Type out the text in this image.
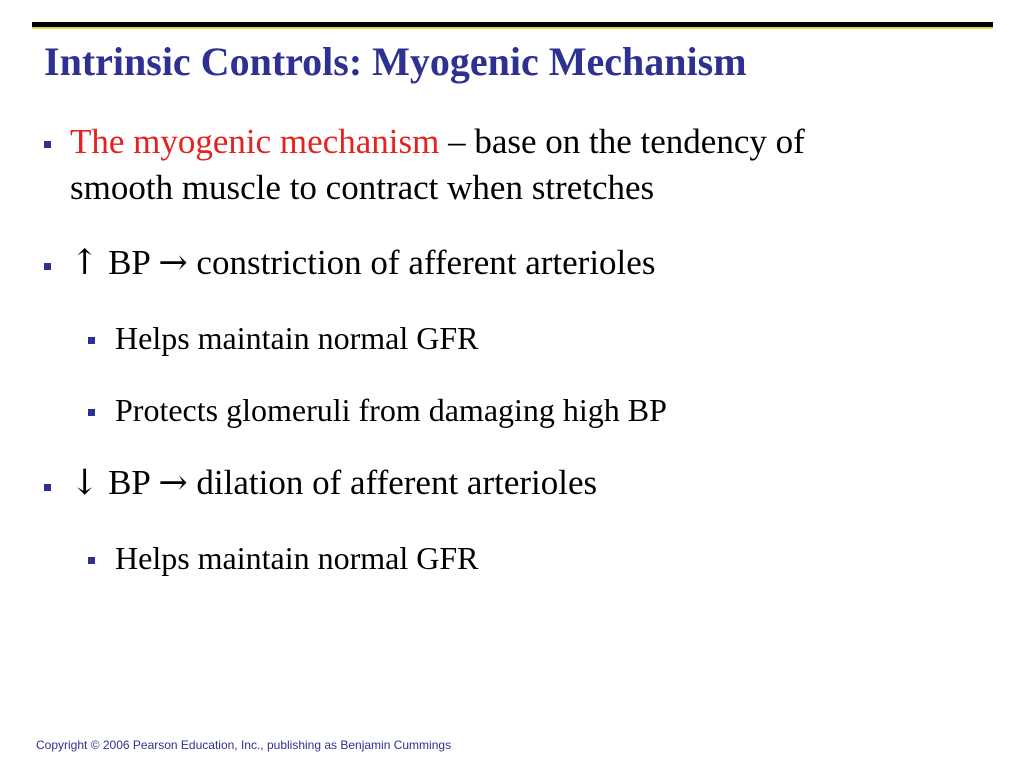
Intrinsic Controls: Myogenic Mechanism
The myogenic mechanism – base on the tendency of
smooth muscle to contract when stretches
↑ BP → constriction of afferent arterioles
Helps maintain normal GFR
Protects glomeruli from damaging high BP
↓ BP → dilation of afferent arterioles
Helps maintain normal GFR
Copyright © 2006 Pearson Education, Inc., publishing as Benjamin Cummings
